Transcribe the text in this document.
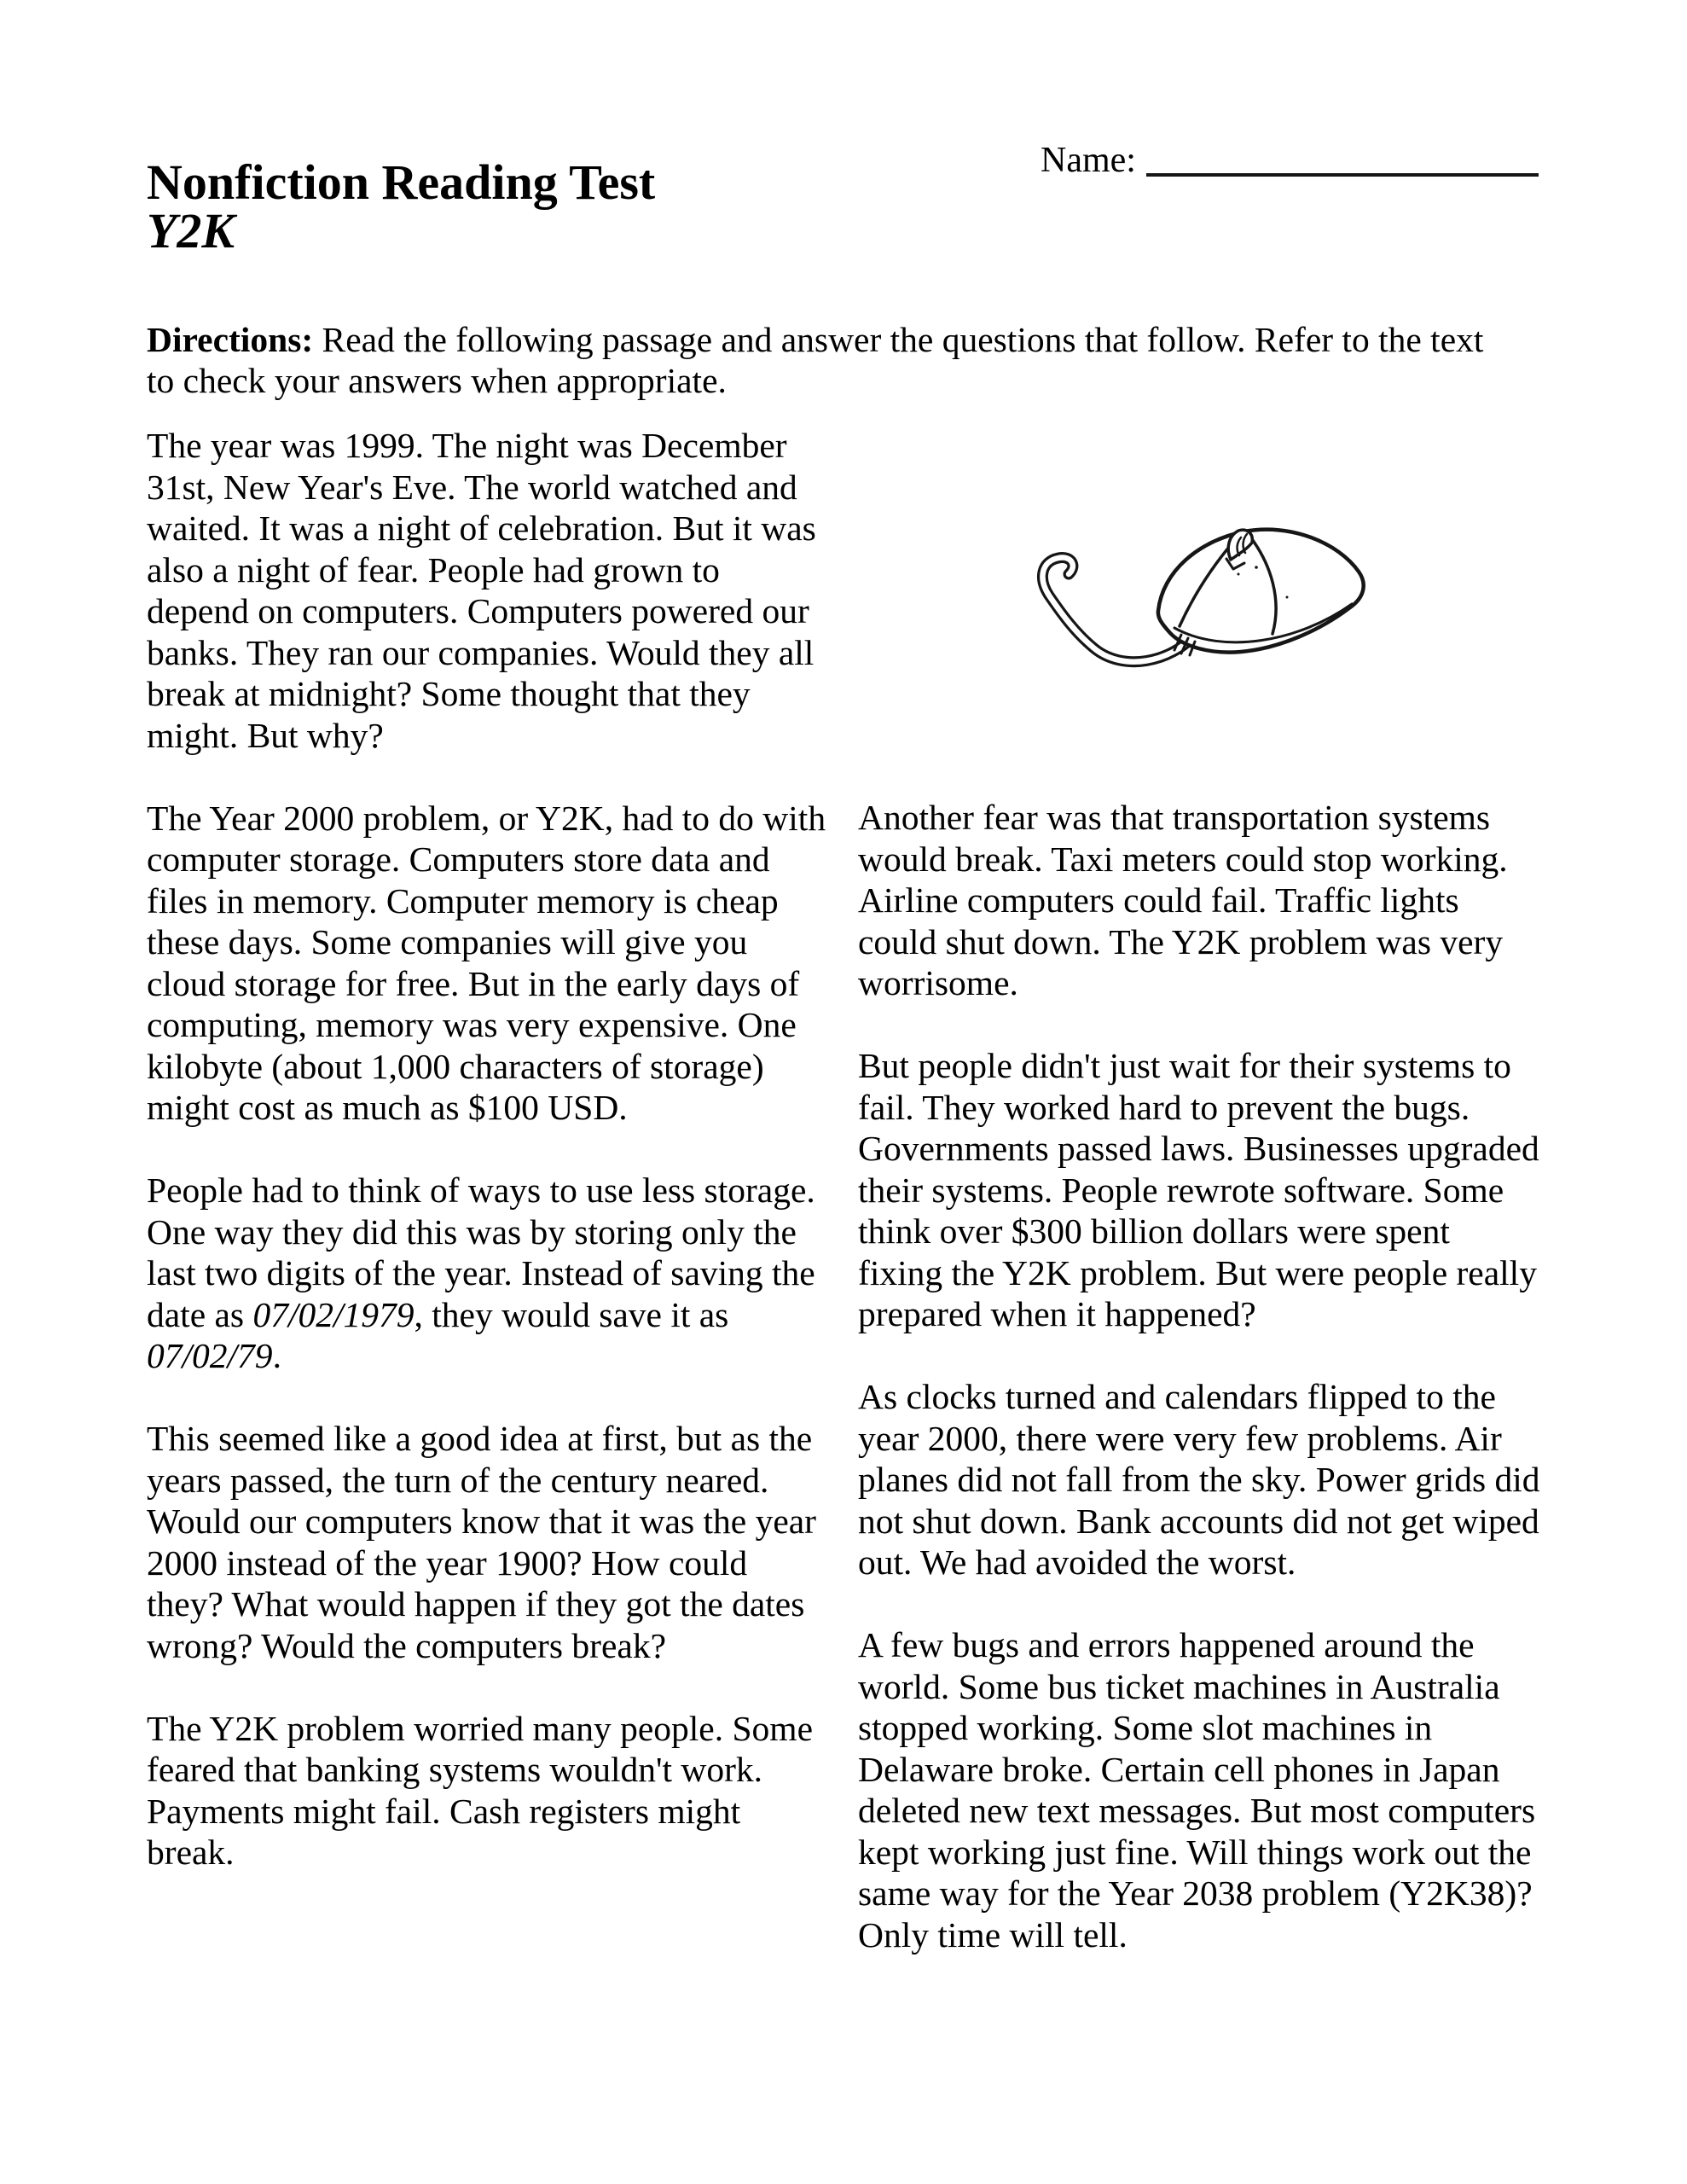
Name:
Nonfiction Reading Test
Y2K

Directions: Read the following passage and answer the questions that follow. Refer to the text
to check your answers when appropriate.

The year was 1999. The night was December 31st, New Year's Eve. The world watched and waited. It was a night of celebration. But it was also a night of fear. People had grown to depend on computers. Computers powered our banks. They ran our companies. Would they all break at midnight? Some thought that they might. But why?

The Year 2000 problem, or Y2K, had to do with computer storage. Computers store data and files in memory. Computer memory is cheap these days. Some companies will give you cloud storage for free. But in the early days of computing, memory was very expensive. One kilobyte (about 1,000 characters of storage) might cost as much as $100 USD.

People had to think of ways to use less storage. One way they did this was by storing only the last two digits of the year. Instead of saving the date as 07/02/1979, they would save it as 07/02/79.

This seemed like a good idea at first, but as the years passed, the turn of the century neared. Would our computers know that it was the year 2000 instead of the year 1900? How could they? What would happen if they got the dates wrong? Would the computers break?

The Y2K problem worried many people. Some feared that banking systems wouldn't work. Payments might fail. Cash registers might break.

Another fear was that transportation systems would break. Taxi meters could stop working. Airline computers could fail. Traffic lights could shut down. The Y2K problem was very worrisome.

But people didn't just wait for their systems to fail. They worked hard to prevent the bugs. Governments passed laws. Businesses upgraded their systems. People rewrote software. Some think over $300 billion dollars were spent fixing the Y2K problem. But were people really prepared when it happened?

As clocks turned and calendars flipped to the year 2000, there were very few problems. Air planes did not fall from the sky. Power grids did not shut down. Bank accounts did not get wiped out. We had avoided the worst.

A few bugs and errors happened around the world. Some bus ticket machines in Australia stopped working. Some slot machines in Delaware broke. Certain cell phones in Japan deleted new text messages. But most computers kept working just fine. Will things work out the same way for the Year 2038 problem (Y2K38)? Only time will tell.
